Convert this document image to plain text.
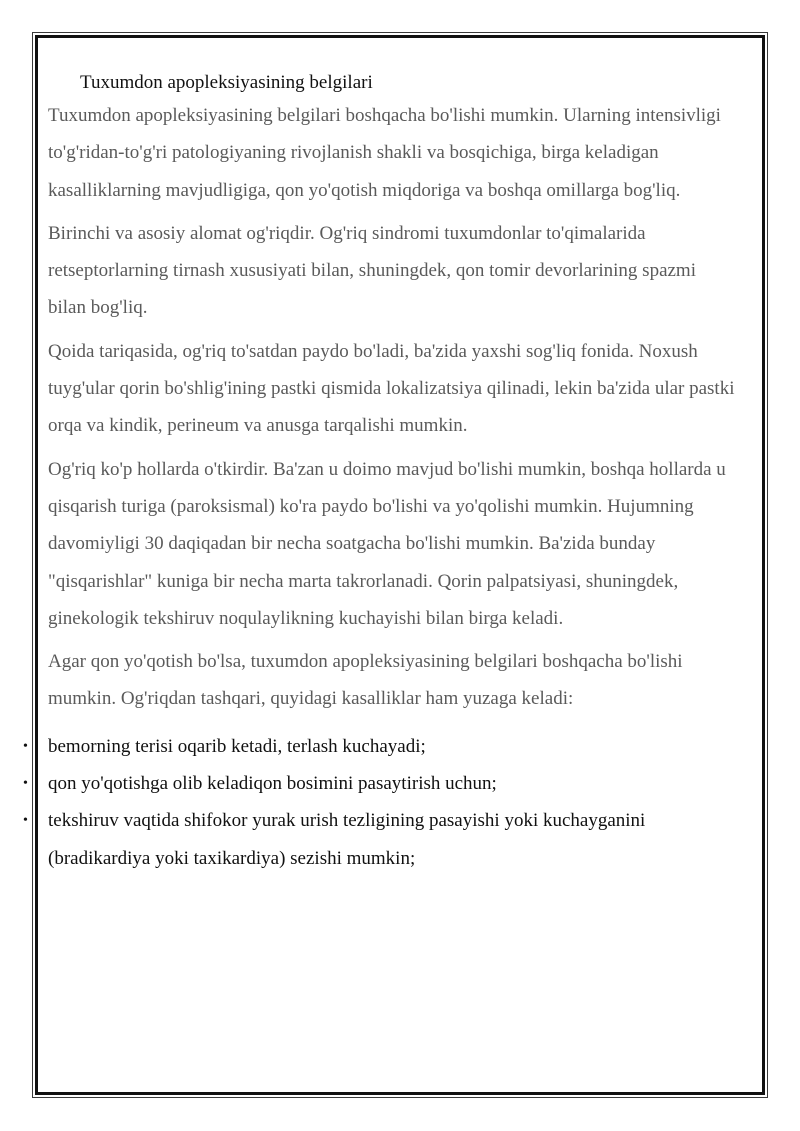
Tuxumdon apopleksiyasining belgilari

Tuxumdon apopleksiyasining belgilari boshqacha bo'lishi mumkin. Ularning intensivligi to'g'ridan-to'g'ri patologiyaning rivojlanish shakli va bosqichiga, birga keladigan kasalliklarning mavjudligiga, qon yo'qotish miqdoriga va boshqa omillarga bog'liq.

Birinchi va asosiy alomat og'riqdir. Og'riq sindromi tuxumdonlar to'qimalarida retseptorlarning tirnash xususiyati bilan, shuningdek, qon tomir devorlarining spazmi bilan bog'liq.

Qoida tariqasida, og'riq to'satdan paydo bo'ladi, ba'zida yaxshi sog'liq fonida. Noxush tuyg'ular qorin bo'shlig'ining pastki qismida lokalizatsiya qilinadi, lekin ba'zida ular pastki orqa va kindik, perineum va anusga tarqalishi mumkin.

Og'riq ko'p hollarda o'tkirdir. Ba'zan u doimo mavjud bo'lishi mumkin, boshqa hollarda u qisqarish turiga (paroksismal) ko'ra paydo bo'lishi va yo'qolishi mumkin. Hujumning davomiyligi 30 daqiqadan bir necha soatgacha bo'lishi mumkin. Ba'zida bunday "qisqarishlar" kuniga bir necha marta takrorlanadi. Qorin palpatsiyasi, shuningdek, ginekologik tekshiruv noqulaylikning kuchayishi bilan birga keladi.

Agar qon yo'qotish bo'lsa, tuxumdon apopleksiyasining belgilari boshqacha bo'lishi mumkin. Og'riqdan tashqari, quyidagi kasalliklar ham yuzaga keladi:

• bemorning terisi oqarib ketadi, terlash kuchayadi;
• qon yo'qotishga olib keladiqon bosimini pasaytirish uchun;
• tekshiruv vaqtida shifokor yurak urish tezligining pasayishi yoki kuchayganini (bradikardiya yoki taxikardiya) sezishi mumkin;
